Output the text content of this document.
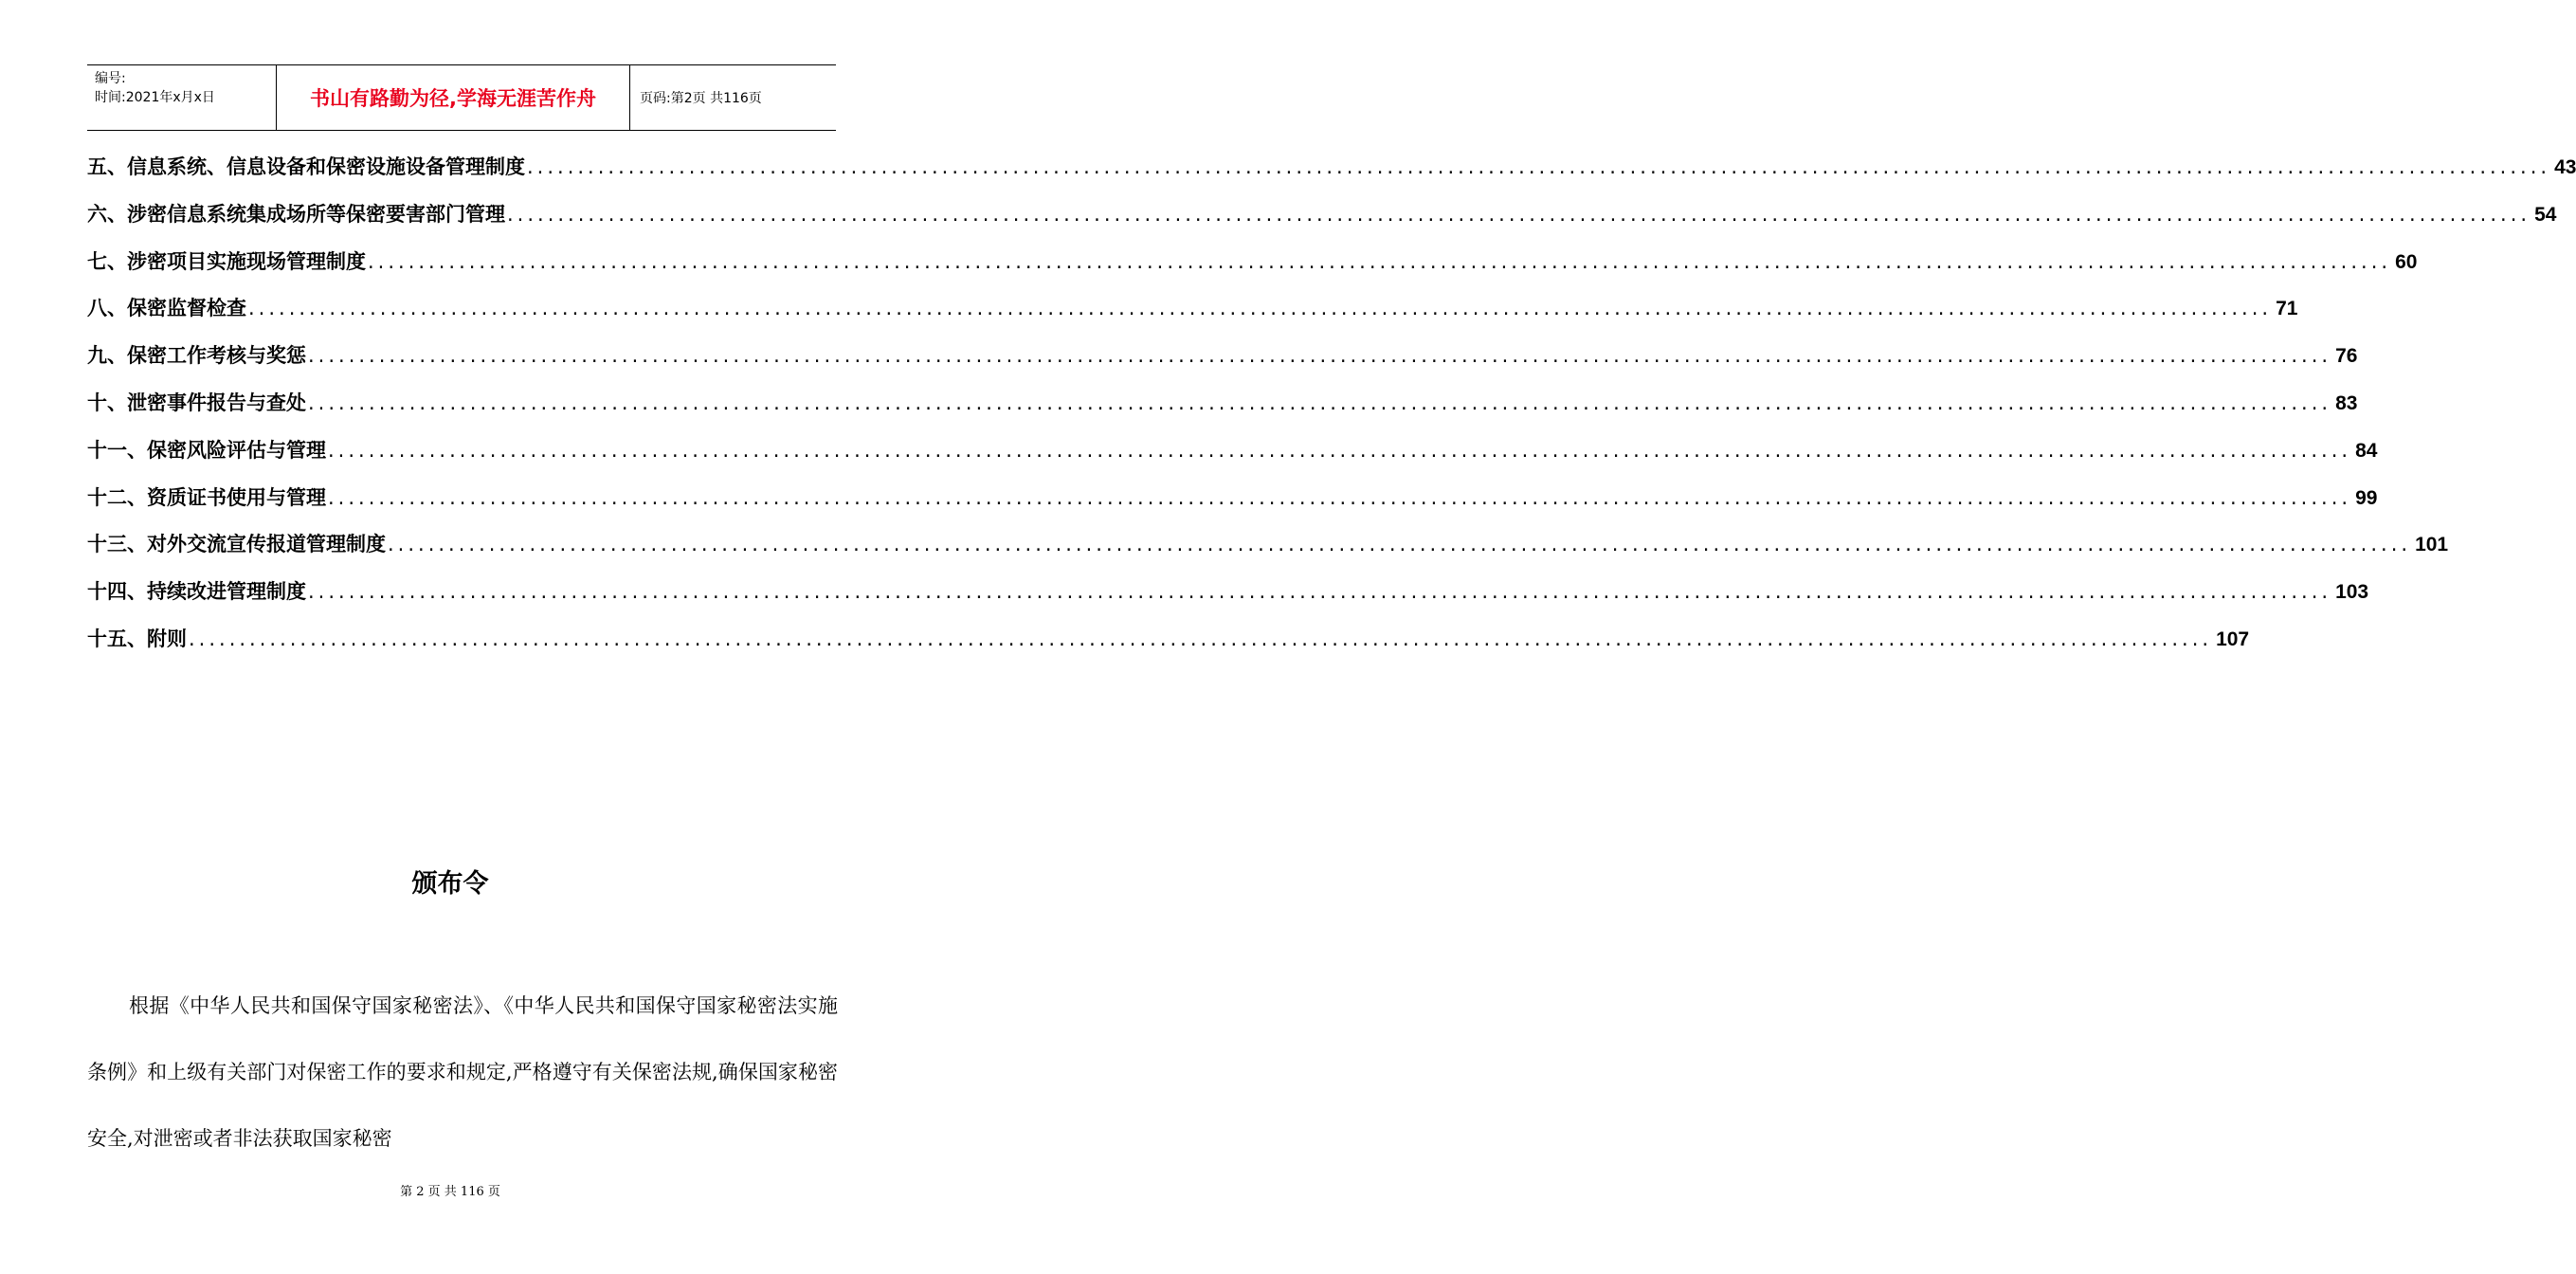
编号:
时间:2021年x月x日	书山有路勤为径,学海无涯苦作舟	页码:第2页 共116页
五、 信息系统、信息设备和保密设施设备管理制度 ........................................................................................................................................................................................................ 43
六、 涉密信息系统集成场所等保密要害部门管理 ........................................................................................................................................................................................................ 54
七、 涉密项目实施现场管理制度 ........................................................................................................................................................................................................ 60
八、 保密监督检查 ........................................................................................................................................................................................................ 71
九、 保密工作考核与奖惩 ........................................................................................................................................................................................................ 76
十、 泄密事件报告与查处 ........................................................................................................................................................................................................ 83
十一、 保密风险评估与管理 ........................................................................................................................................................................................................ 84
十二、 资质证书使用与管理 ........................................................................................................................................................................................................ 99
十三、 对外交流宣传报道管理制度 ........................................................................................................................................................................................................ 101
十四、 持续改进管理制度 ........................................................................................................................................................................................................ 103
十五、 附则 ........................................................................................................................................................................................................ 107
颁布令

根据《中华人民共和国保守国家秘密法》、《中华人民共和国保守国家秘密法实施条例》和上级有关部门对保密工作的要求和规定,严格遵守有关保密法规,确保国家秘密安全,对泄密或者非法获取国家秘密

第 2 页 共 116 页
